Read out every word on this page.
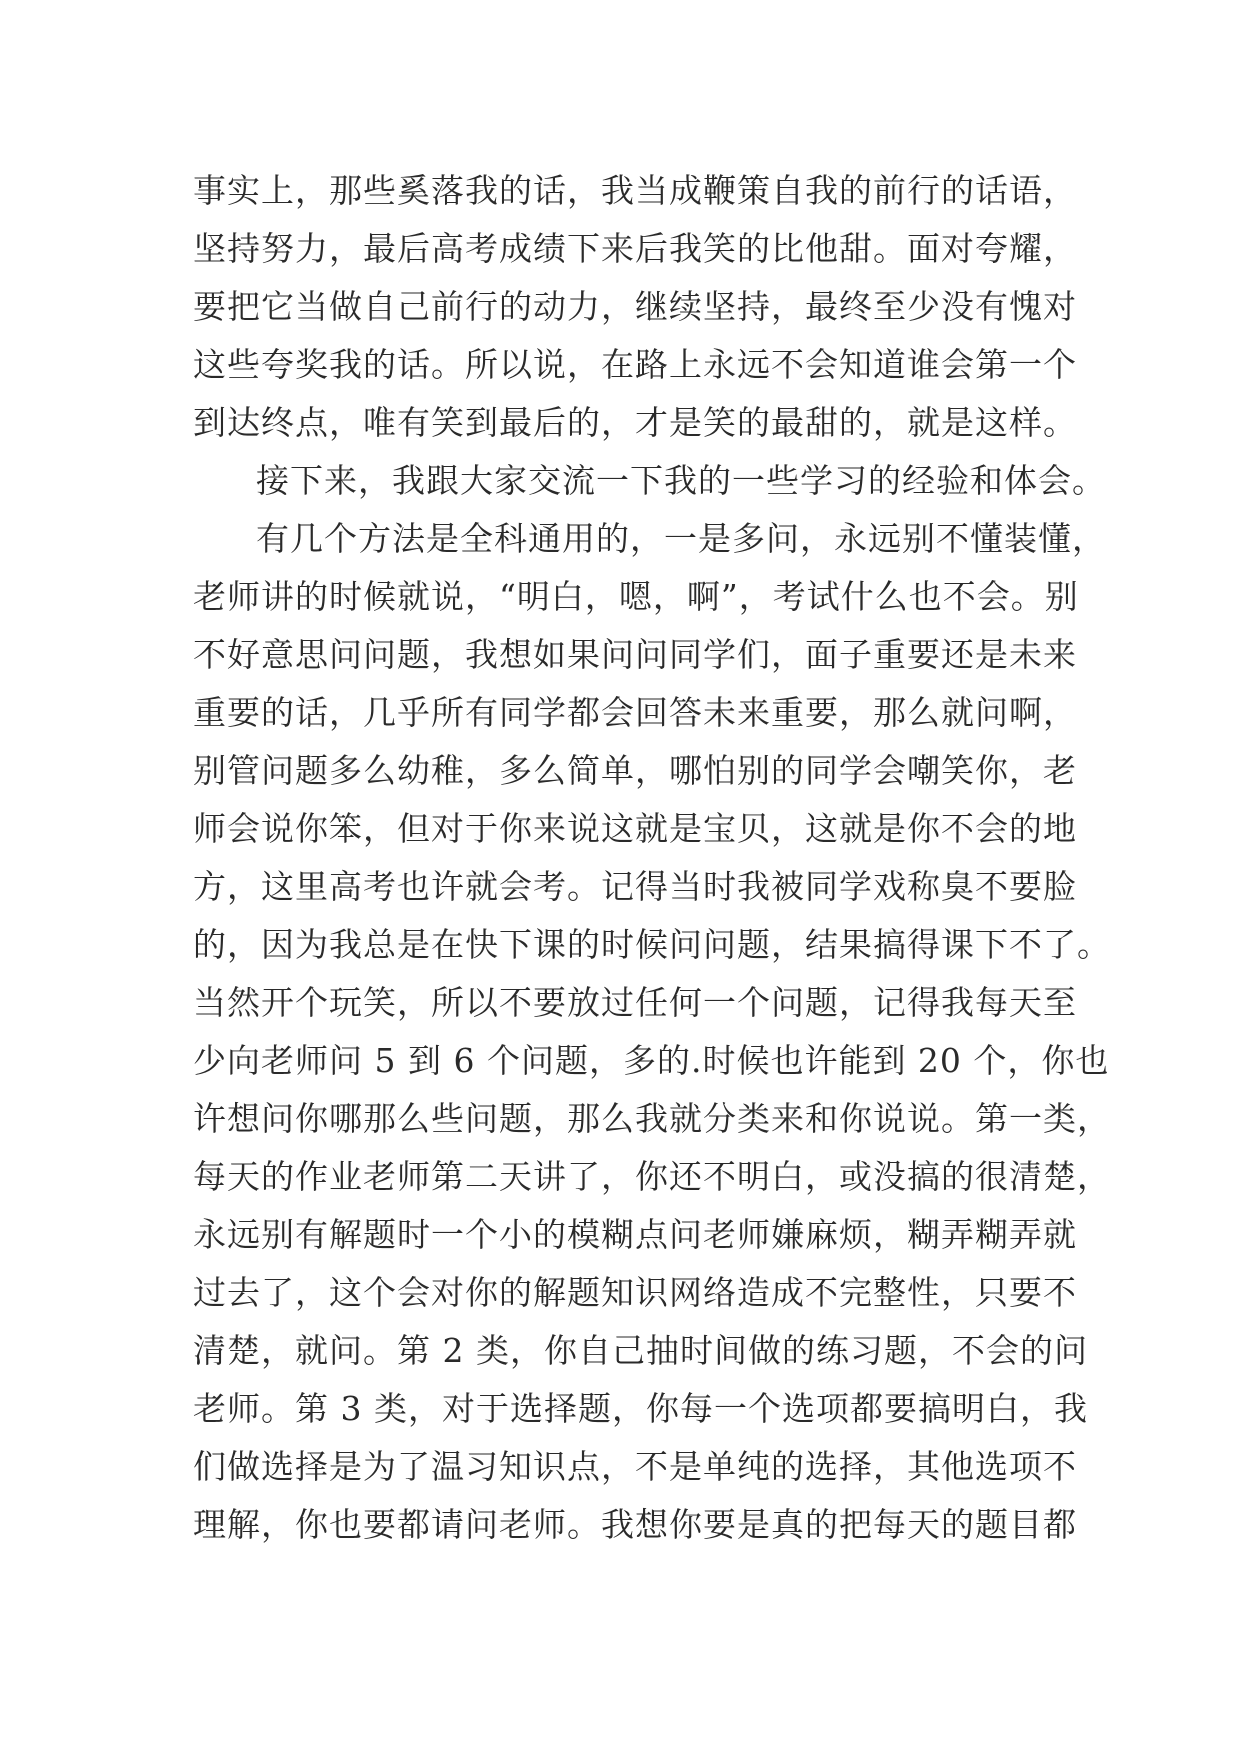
事实上，那些奚落我的话，我当成鞭策自我的前行的话语，
坚持努力，最后高考成绩下来后我笑的比他甜。面对夸耀，
要把它当做自己前行的动力，继续坚持，最终至少没有愧对
这些夸奖我的话。所以说，在路上永远不会知道谁会第一个
到达终点，唯有笑到最后的，才是笑的最甜的，就是这样。
接下来，我跟大家交流一下我的一些学习的经验和体会。
有几个方法是全科通用的，一是多问，永远别不懂装懂，
老师讲的时候就说，“明白，嗯，啊”，考试什么也不会。别
不好意思问问题，我想如果问问同学们，面子重要还是未来
重要的话，几乎所有同学都会回答未来重要，那么就问啊，
别管问题多么幼稚，多么简单，哪怕别的同学会嘲笑你，老
师会说你笨，但对于你来说这就是宝贝，这就是你不会的地
方，这里高考也许就会考。记得当时我被同学戏称臭不要脸
的，因为我总是在快下课的时候问问题，结果搞得课下不了。
当然开个玩笑，所以不要放过任何一个问题，记得我每天至
少向老师问 5 到 6 个问题，多的.时候也许能到 20 个，你也
许想问你哪那么些问题，那么我就分类来和你说说。第一类，
每天的作业老师第二天讲了，你还不明白，或没搞的很清楚，
永远别有解题时一个小的模糊点问老师嫌麻烦，糊弄糊弄就
过去了，这个会对你的解题知识网络造成不完整性，只要不
清楚，就问。第 2 类，你自己抽时间做的练习题，不会的问
老师。第 3 类，对于选择题，你每一个选项都要搞明白，我
们做选择是为了温习知识点，不是单纯的选择，其他选项不
理解，你也要都请问老师。我想你要是真的把每天的题目都
